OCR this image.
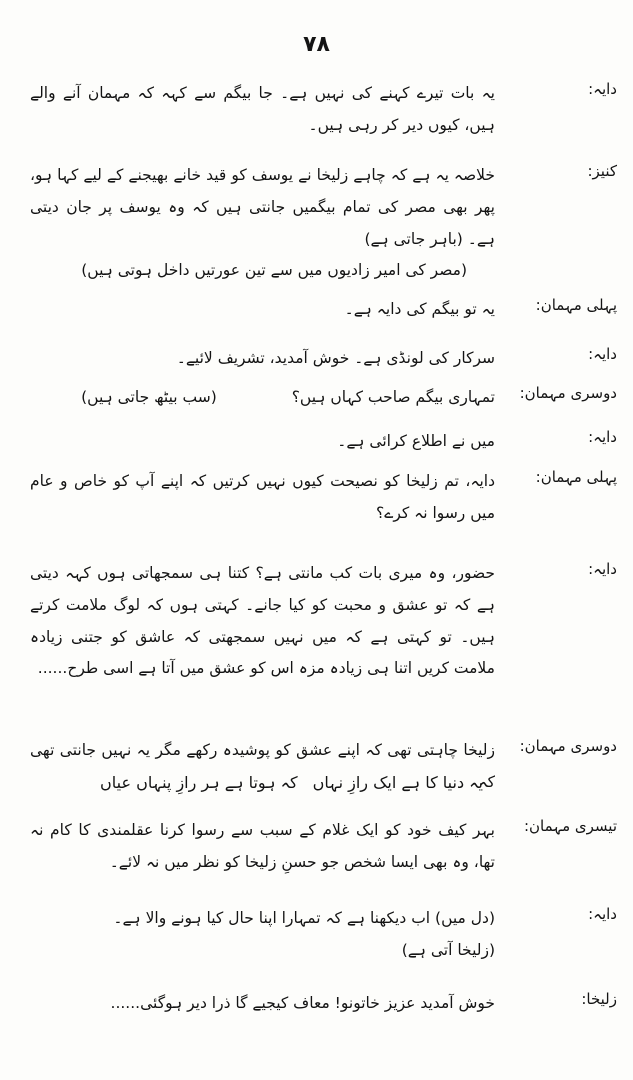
۷۸
دایہ:
یہ بات تیرے کہنے کی نہیں ہے۔ جا بیگم سے کہہ کہ مہمان آنے والے ہیں، کیوں دیر کر رہی ہیں۔
کنیز:
خلاصہ یہ ہے کہ چاہے زلیخا نے یوسف کو قید خانے بھیجنے کے لیے کہا ہو، پھر بھی مصر کی تمام بیگمیں جانتی ہیں کہ وہ یوسف پر جان دیتی ہے۔ (باہر جاتی ہے)
(مصر کی امیر زادیوں میں سے تین عورتیں داخل ہوتی ہیں)
پہلی مہمان:
یہ تو بیگم کی دایہ ہے۔
دایہ:
سرکار کی لونڈی ہے۔ خوش آمدید، تشریف لائیے۔
دوسری مہمان:
تمہاری بیگم صاحب کہاں ہیں؟ (سب بیٹھ جاتی ہیں)
دایہ:
میں نے اطلاع کرائی ہے۔
پہلی مہمان:
دایہ، تم زلیخا کو نصیحت کیوں نہیں کرتیں کہ اپنے آپ کو خاص و عام میں رسوا نہ کرے؟
دایہ:
حضور، وہ میری بات کب مانتی ہے؟ کتنا ہی سمجھاتی ہوں کہہ دیتی ہے کہ تو عشق و محبت کو کیا جانے۔ کہتی ہوں کہ لوگ ملامت کرتے ہیں۔ تو کہتی ہے کہ میں نہیں سمجھتی کہ عاشق کو جتنی زیادہ ملامت کریں اتنا ہی زیادہ مزہ اس کو عشق میں آتا ہے اسی طرح......
دوسری مہمان:
زلیخا چاہتی تھی کہ اپنے عشق کو پوشیدہ رکھے مگر یہ نہیں جانتی تھی کہ
یہ دنیا کا ہے ایک رازِ نہاں
کہ ہوتا ہے ہر رازِ پنہاں عیاں
تیسری مہمان:
بہر کیف خود کو ایک غلام کے سبب سے رسوا کرنا عقلمندی کا کام نہ تھا، وہ بھی ایسا شخص جو حسنِ زلیخا کو نظر میں نہ لائے۔
دایہ:
(دل میں) اب دیکھنا ہے کہ تمہارا اپنا حال کیا ہونے والا ہے۔
(زلیخا آتی ہے)
زلیخا:
خوش آمدید عزیز خاتونو! معاف کیجیے گا ذرا دیر ہوگئی......
